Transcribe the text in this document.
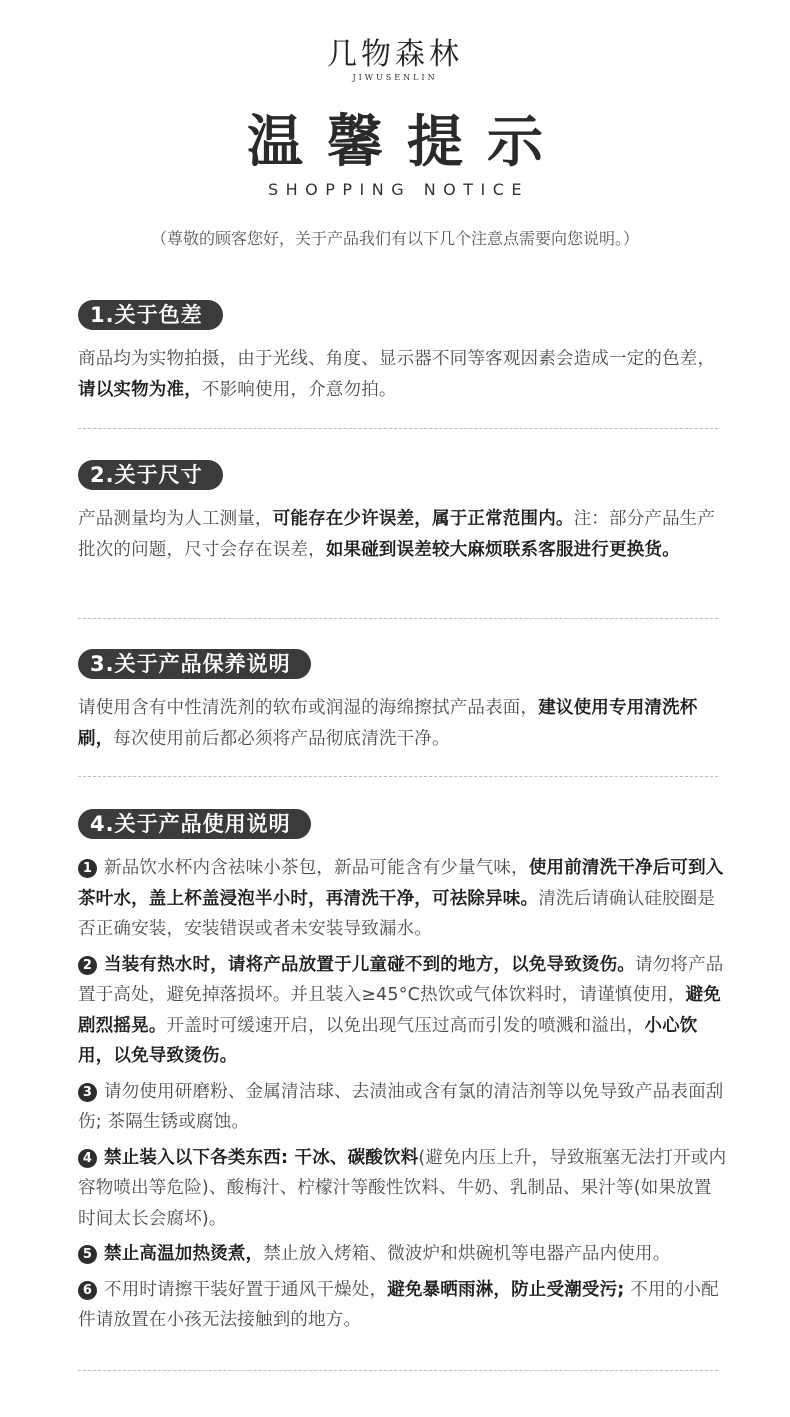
几物森林
JIWUSENLIN
温馨提示
SHOPPING NOTICE
（尊敬的顾客您好，关于产品我们有以下几个注意点需要向您说明。）
1.关于色差
商品均为实物拍摄，由于光线、角度、显示器不同等客观因素会造成一定的色差，请以实物为准，不影响使用，介意勿拍。
2.关于尺寸
产品测量均为人工测量，可能存在少许误差，属于正常范围内。注：部分产品生产批次的问题，尺寸会存在误差，如果碰到误差较大麻烦联系客服进行更换货。
3.关于产品保养说明
请使用含有中性清洗剂的软布或润湿的海绵擦拭产品表面，建议使用专用清洗杯刷，每次使用前后都必须将产品彻底清洗干净。
4.关于产品使用说明
1 新品饮水杯内含祛味小茶包，新品可能含有少量气味，使用前清洗干净后可到入茶叶水，盖上杯盖浸泡半小时，再清洗干净，可祛除异味。清洗后请确认硅胶圈是否正确安装，安装错误或者未安装导致漏水。
2 当装有热水时，请将产品放置于儿童碰不到的地方，以免导致烫伤。请勿将产品置于高处，避免掉落损坏。并且装入≥45°C热饮或气体饮料时，请谨慎使用，避免剧烈摇晃。开盖时可缓速开启，以免出现气压过高而引发的喷溅和溢出，小心饮用，以免导致烫伤。
3 请勿使用研磨粉、金属清洁球、去渍油或含有氯的清洁剂等以免导致产品表面刮伤; 茶隔生锈或腐蚀。
4 禁止装入以下各类东西: 干冰、碳酸饮料(避免内压上升，导致瓶塞无法打开或内容物喷出等危险)、酸梅汁、柠檬汁等酸性饮料、牛奶、乳制品、果汁等(如果放置时间太长会腐坏)。
5 禁止高温加热烫煮，禁止放入烤箱、微波炉和烘碗机等电器产品内使用。
6 不用时请擦干装好置于通风干燥处，避免暴晒雨淋，防止受潮受污; 不用的小配件请放置在小孩无法接触到的地方。
